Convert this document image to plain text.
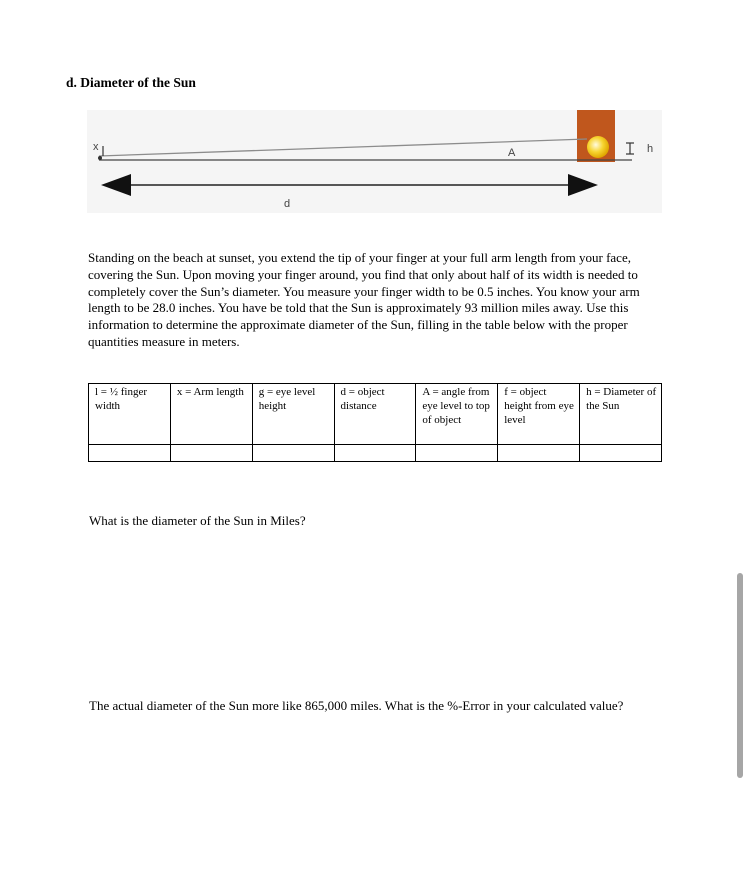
d. Diameter of the Sun
x	A	h
d

Standing on the beach at sunset, you extend the tip of your finger at your full arm length from your face, covering the Sun. Upon moving your finger around, you find that only about half of its width is needed to completely cover the Sun’s diameter. You measure your finger width to be 0.5 inches. You know your arm length to be 28.0 inches. You have be told that the Sun is approximately 93 million miles away. Use this information to determine the approximate diameter of the Sun, filling in the table below with the proper quantities measure in meters.

l = ½ finger width	x = Arm length	g = eye level height	d = object distance	A = angle from eye level to top of object	f = object height from eye level	h = Diameter of the Sun

What is the diameter of the Sun in Miles?

The actual diameter of the Sun more like 865,000 miles. What is the %-Error in your calculated value?
